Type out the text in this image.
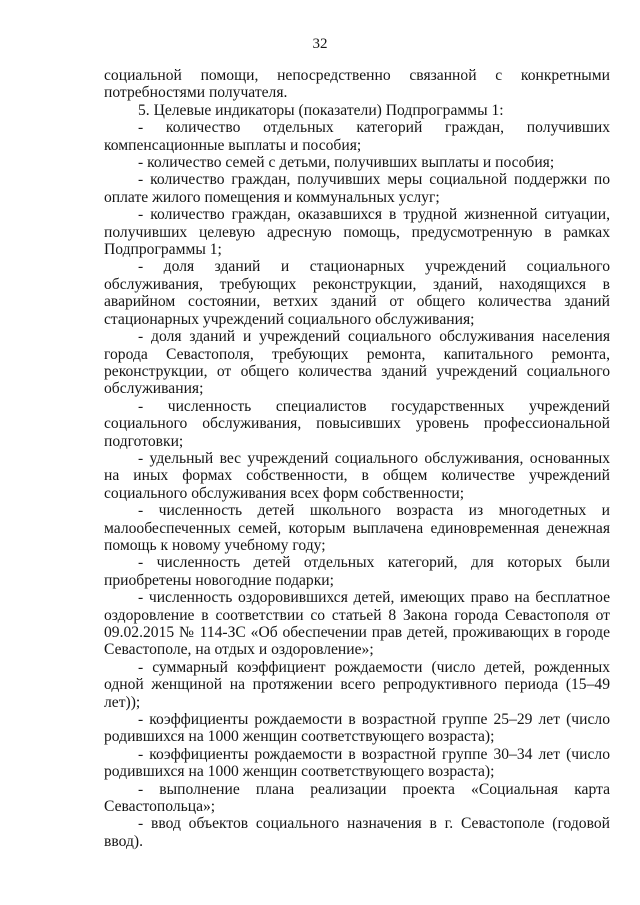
32

социальной помощи, непосредственно связанной с конкретными потребностями получателя.

5. Целевые индикаторы (показатели) Подпрограммы 1:

- количество отдельных категорий граждан, получивших компенсационные выплаты и пособия;

- количество семей с детьми, получивших выплаты и пособия;

- количество граждан, получивших меры социальной поддержки по оплате жилого помещения и коммунальных услуг;

- количество граждан, оказавшихся в трудной жизненной ситуации, получивших целевую адресную помощь, предусмотренную в рамках Подпрограммы 1;

- доля зданий и стационарных учреждений социального обслуживания, требующих реконструкции, зданий, находящихся в аварийном состоянии, ветхих зданий от общего количества зданий стационарных учреждений социального обслуживания;

- доля зданий и учреждений социального обслуживания населения города Севастополя, требующих ремонта, капитального ремонта, реконструкции, от общего количества зданий учреждений социального обслуживания;

- численность специалистов государственных учреждений социального обслуживания, повысивших уровень профессиональной подготовки;

- удельный вес учреждений социального обслуживания, основанных на иных формах собственности, в общем количестве учреждений социального обслуживания всех форм собственности;

- численность детей школьного возраста из многодетных и малообеспеченных семей, которым выплачена единовременная денежная помощь к новому учебному году;

- численность детей отдельных категорий, для которых были приобретены новогодние подарки;

- численность оздоровившихся детей, имеющих право на бесплатное оздоровление в соответствии со статьей 8 Закона города Севастополя от 09.02.2015 № 114-ЗС «Об обеспечении прав детей, проживающих в городе Севастополе, на отдых и оздоровление»;

- суммарный коэффициент рождаемости (число детей, рожденных одной женщиной на протяжении всего репродуктивного периода (15–49 лет));

- коэффициенты рождаемости в возрастной группе 25–29 лет (число родившихся на 1000 женщин соответствующего возраста);

- коэффициенты рождаемости в возрастной группе 30–34 лет (число родившихся на 1000 женщин соответствующего возраста);

- выполнение плана реализации проекта «Социальная карта Севастопольца»;

- ввод объектов социального назначения в г. Севастополе (годовой ввод).
